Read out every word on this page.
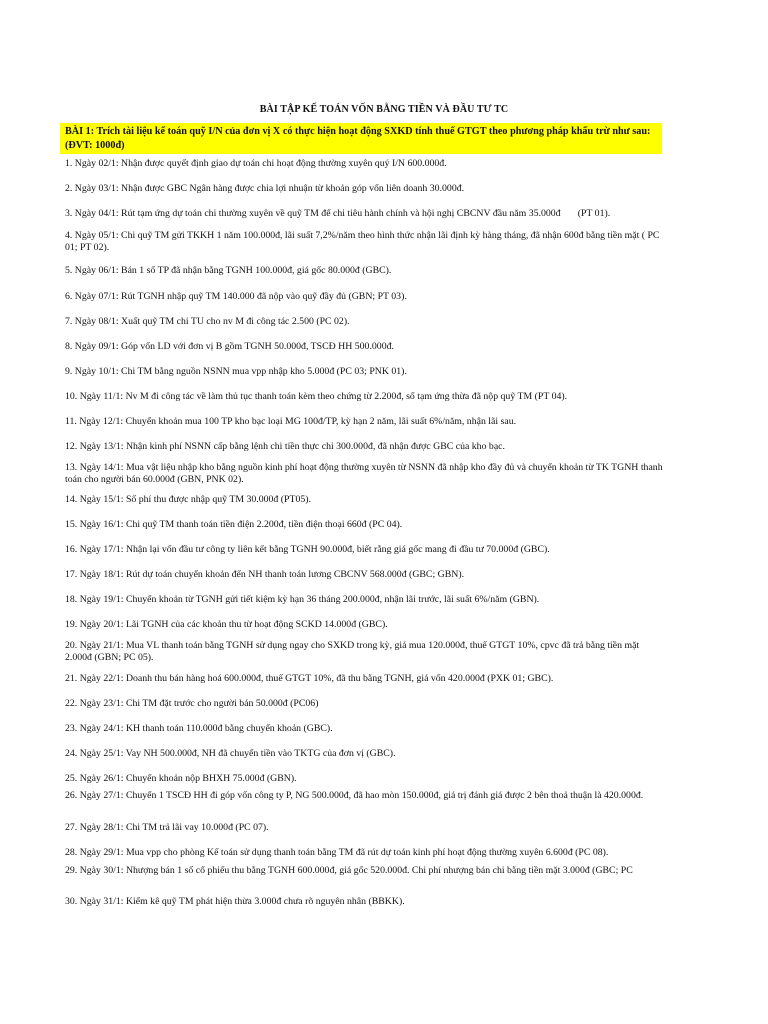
BÀI TẬP KẾ TOÁN VỐN BẰNG TIỀN VÀ ĐẦU TƯ TC
BÀI 1: Trích tài liệu kế toán quỹ I/N của đơn vị X có thực hiện hoạt động SXKD tính thuế GTGT theo phương pháp khấu trừ như sau: (ĐVT: 1000đ)
1. Ngày 02/1: Nhận được quyết định giao dự toán chi hoạt động thường xuyên quý I/N 600.000đ.
2. Ngày 03/1: Nhận được GBC Ngân hàng được chia lợi nhuận từ khoản góp vốn liên doanh 30.000đ.
3. Ngày 04/1: Rút tạm ứng dự toán chi thường xuyên về quỹ TM để chi tiêu hành chính và hội nghị CBCNV đầu năm 35.000đ       (PT 01).
4. Ngày 05/1: Chi quỹ TM gửi TKKH 1 năm 100.000đ, lãi suất 7,2%/năm theo hình thức nhận lãi định kỳ hàng tháng, đã nhận 600đ bằng tiền mặt ( PC 01; PT 02).
5. Ngày 06/1: Bán 1 số TP đã nhận bằng TGNH 100.000đ, giá gốc 80.000đ (GBC).
6. Ngày 07/1: Rút TGNH nhập quỹ TM 140.000 đã nộp vào quỹ đầy đủ (GBN; PT 03).
7. Ngày 08/1: Xuất quỹ TM chi TU cho nv M đi công tác 2.500 (PC 02).
8. Ngày 09/1: Góp vốn LD với đơn vị B gồm TGNH 50.000đ, TSCĐ HH 500.000đ.
9. Ngày 10/1: Chi TM bằng nguồn NSNN mua vpp nhập kho 5.000đ (PC 03; PNK 01).
10. Ngày 11/1: Nv M đi công tác về làm thủ tục thanh toán kèm theo chứng từ 2.200đ, số tạm ứng thừa đã nộp quỹ TM (PT 04).
11. Ngày 12/1: Chuyển khoản mua 100 TP kho bạc loại MG 100đ/TP, kỳ hạn 2 năm, lãi suất 6%/năm, nhận lãi sau.
12. Ngày 13/1: Nhận kinh phí NSNN cấp bằng lệnh chi tiền thực chi 300.000đ, đã nhận được GBC của kho bạc.
13. Ngày 14/1: Mua vật liệu nhập kho bằng nguồn kinh phí hoạt động thường xuyên từ NSNN đã nhập kho đầy đủ và chuyển khoản từ TK TGNH thanh toán cho người bán 60.000đ (GBN, PNK 02).
14. Ngày 15/1: Số phí thu được nhập quỹ TM 30.000đ (PT05).
15. Ngày 16/1: Chi quỹ TM thanh toán tiền điện 2.200đ, tiền điện thoại 660đ (PC 04).
16. Ngày 17/1: Nhận lại vốn đầu tư công ty liên kết bằng TGNH 90.000đ, biết rằng giá gốc mang đi đầu tư 70.000đ (GBC).
17. Ngày 18/1: Rút dự toán chuyển khoản đến NH thanh toán lương CBCNV 568.000đ (GBC; GBN).
18. Ngày 19/1: Chuyển khoản từ TGNH gửi tiết kiệm kỳ hạn 36 tháng 200.000đ, nhận lãi trước, lãi suất 6%/năm (GBN).
19. Ngày 20/1: Lãi TGNH của các khoản thu từ hoạt động SCKD 14.000đ (GBC).
20. Ngày 21/1: Mua VL thanh toán bằng TGNH sử dụng ngay cho SXKD trong kỳ, giá mua 120.000đ, thuế GTGT 10%, cpvc đã trả bằng tiền mặt 2.000đ (GBN; PC 05).
21. Ngày 22/1: Doanh thu bán hàng hoá 600.000đ, thuế GTGT 10%, đã thu bằng TGNH, giá vốn 420.000đ (PXK 01; GBC).
22. Ngày 23/1: Chi TM đặt trước cho người bán 50.000đ (PC06)
23. Ngày 24/1: KH thanh toán 110.000đ bằng chuyển khoản (GBC).
24. Ngày 25/1: Vay NH 500.000đ, NH đã chuyển tiền vào TKTG của đơn vị (GBC).
25. Ngày 26/1: Chuyển khoản nộp BHXH 75.000đ (GBN).
26. Ngày 27/1: Chuyển 1 TSCĐ HH đi góp vốn công ty P, NG 500.000đ, đã hao mòn 150.000đ, giá trị đánh giá được 2 bên thoả thuận là 420.000đ.
27. Ngày 28/1: Chi TM trả lãi vay 10.000đ (PC 07).
28. Ngày 29/1: Mua vpp cho phòng Kế toán sử dụng thanh toán bằng TM đã rút dự toán kinh phí hoạt động thường xuyên 6.600đ (PC 08).
29. Ngày 30/1: Nhượng bán 1 số cổ phiếu thu bằng TGNH 600.000đ, giá gốc 520.000đ. Chi phí nhượng bán chi bằng tiền mặt 3.000đ (GBC; PC
30. Ngày 31/1: Kiểm kê quỹ TM phát hiện thừa 3.000đ chưa rõ nguyên nhân (BBKK).
